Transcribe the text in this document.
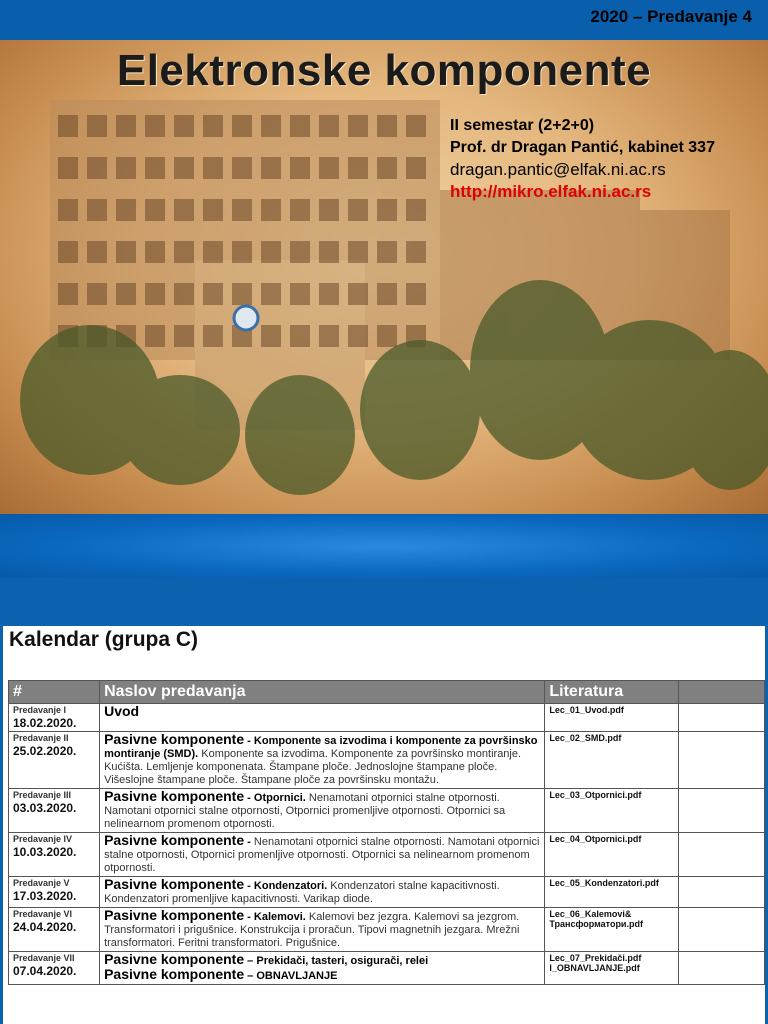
2020 – Predavanje 4
Elektronske komponente
II semestar (2+2+0)
Prof. dr Dragan Pantić, kabinet 337
dragan.pantic@elfak.ni.ac.rs
http://mikro.elfak.ni.ac.rs
Kalendar (grupa C)
#	Naslov predavanja	Literatura	

Predavanje I
18.02.2020.	Uvod	Lec_01_Uvod.pdf	

Predavanje II
25.02.2020.	Pasivne komponente - Komponente sa izvodima i komponente za površinsko montiranje (SMD). Komponente sa izvodima. Komponente za površinsko montiranje. Kućišta. Lemljenje komponenata. Štampane ploče. Jednoslojne štampane ploče. Višeslojne štampane ploče. Štampane ploče za površinsku montažu.	Lec_02_SMD.pdf	

Predavanje III
03.03.2020.	Pasivne komponente - Otpornici. Nenamotani otpornici stalne otpornosti. Namotani otpornici stalne otpornosti, Otpornici promenljive otpornosti. Otpornici sa nelinearnom promenom otpornosti.	Lec_03_Otpornici.pdf	

Predavanje IV
10.03.2020.	Pasivne komponente - Nenamotani otpornici stalne otpornosti. Namotani otpornici stalne otpornosti, Otpornici promenljive otpornosti. Otpornici sa nelinearnom promenom otpornosti.	Lec_04_Otpornici.pdf	

Predavanje V
17.03.2020.	Pasivne komponente - Kondenzatori. Kondenzatori stalne kapacitivnosti. Kondenzatori promenljive kapacitivnosti. Varikap diode.	Lec_05_Kondenzatori.pdf	

Predavanje VI
24.04.2020.	Pasivne komponente - Kalemovi. Kalemovi bez jezgra. Kalemovi sa jezgrom. Transformatori i prigušnice. Konstrukcija i proračun. Tipovi magnetnih jezgara. Mrežni transformatori. Feritni transformatori. Prigušnice.	Lec_06_Kalemovi& Трансформатори.pdf	

Predavanje VII
07.04.2020.	Pasivne komponente – Prekidači, tasteri, osigurači, relei
Pasivne komponente – OBNAVLJANJE	Lec_07_Prekidači.pdf l_OBNAVLJANJE.pdf	
